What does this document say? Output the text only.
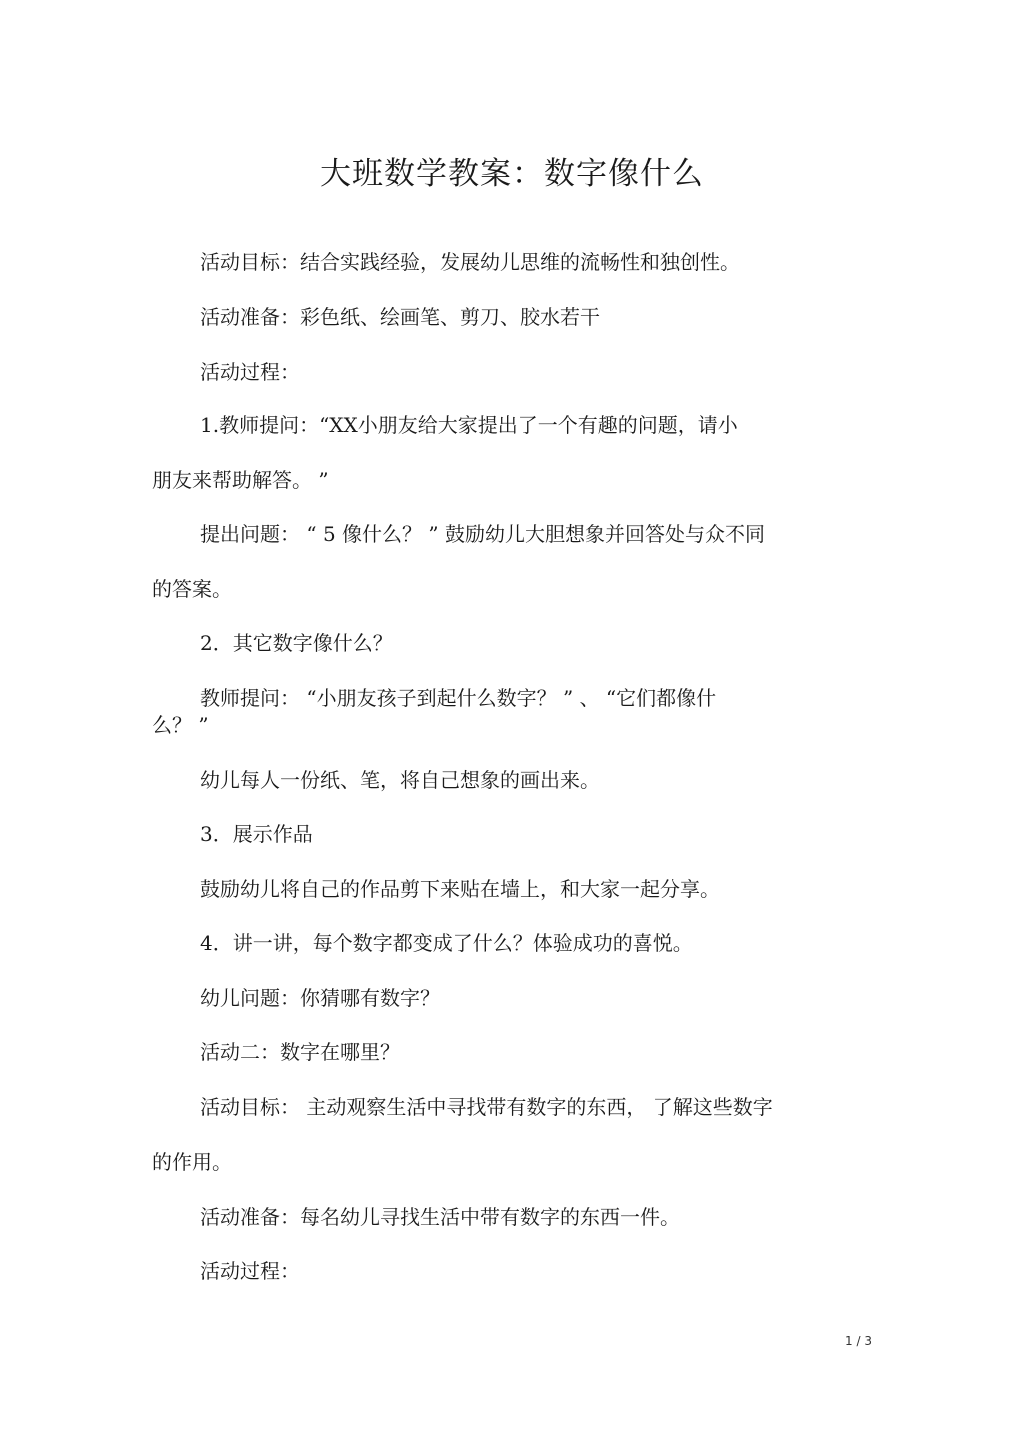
大班数学教案：数字像什么
活动目标：结合实践经验，发展幼儿思维的流畅性和独创性。
活动准备：彩色纸、绘画笔、剪刀、胶水若干
活动过程：
1.教师提问：“XX小朋友给大家提出了一个有趣的问题，请小
朋友来帮助解答。 ”
提出问题： “ 5 像什么？ ” 鼓励幼儿大胆想象并回答处与众不同
的答案。
2．其它数字像什么？
教师提问： “小朋友孩子到起什么数字？ ” 、 “它们都像什
么？ ”
幼儿每人一份纸、笔，将自己想象的画出来。
3．展示作品
鼓励幼儿将自己的作品剪下来贴在墙上，和大家一起分享。
4．讲一讲，每个数字都变成了什么？体验成功的喜悦。
幼儿问题：你猜哪有数字？
活动二：数字在哪里？
活动目标： 主动观察生活中寻找带有数字的东西， 了解这些数字
的作用。
活动准备：每名幼儿寻找生活中带有数字的东西一件。
活动过程：
1 / 3
